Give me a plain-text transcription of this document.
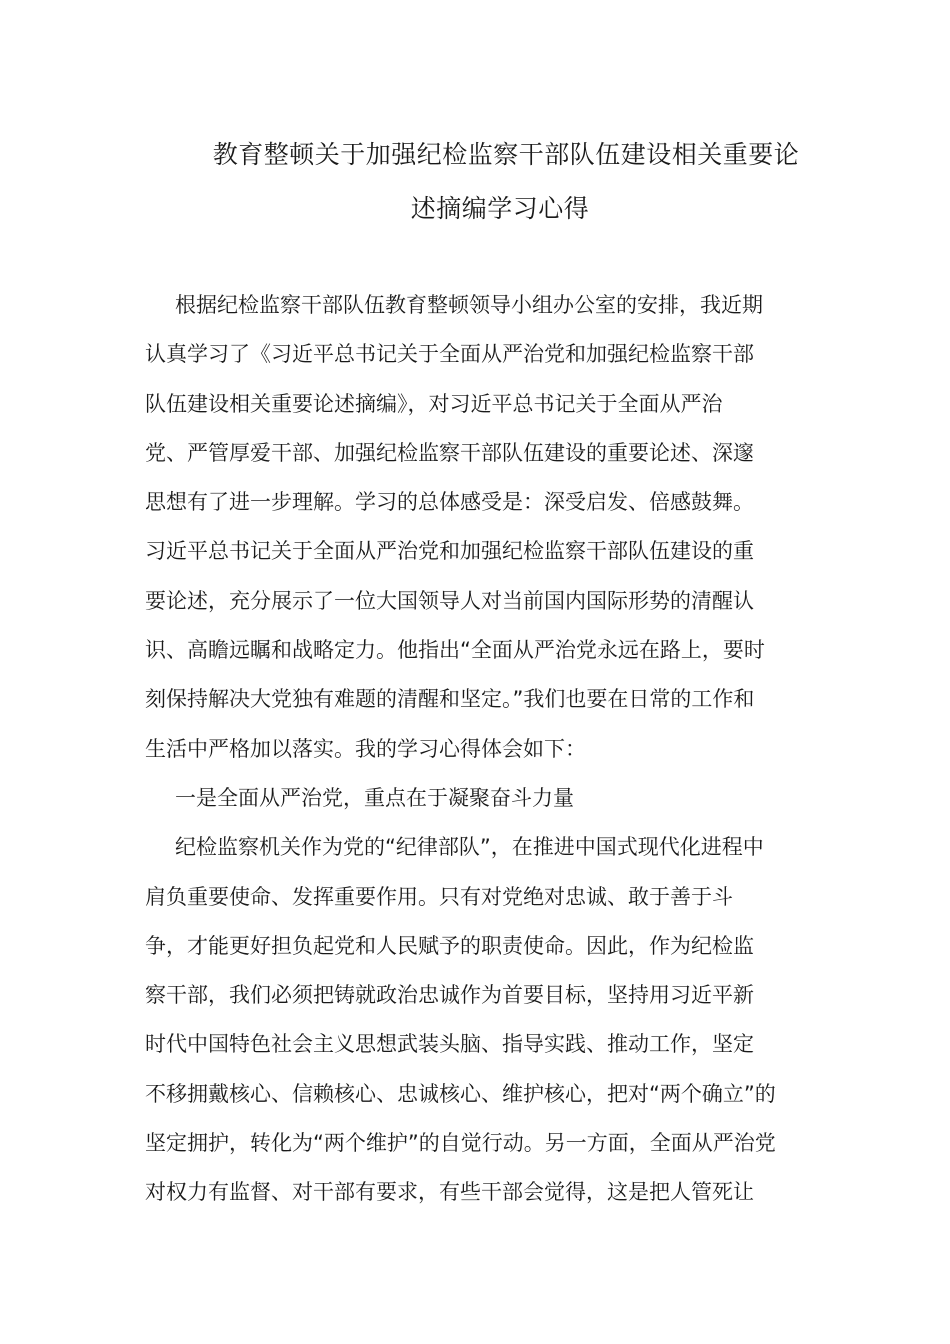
教育整顿关于加强纪检监察干部队伍建设相关重要论
述摘编学习心得
根据纪检监察干部队伍教育整顿领导小组办公室的安排，我近期
认真学习了《习近平总书记关于全面从严治党和加强纪检监察干部
队伍建设相关重要论述摘编》，对习近平总书记关于全面从严治
党、严管厚爱干部、加强纪检监察干部队伍建设的重要论述、深邃
思想有了进一步理解。学习的总体感受是：深受启发、倍感鼓舞。
习近平总书记关于全面从严治党和加强纪检监察干部队伍建设的重
要论述，充分展示了一位大国领导人对当前国内国际形势的清醒认
识、高瞻远瞩和战略定力。他指出“全面从严治党永远在路上，要时
刻保持解决大党独有难题的清醒和坚定。”我们也要在日常的工作和
生活中严格加以落实。我的学习心得体会如下：
一是全面从严治党，重点在于凝聚奋斗力量
纪检监察机关作为党的“纪律部队”，在推进中国式现代化进程中
肩负重要使命、发挥重要作用。只有对党绝对忠诚、敢于善于斗
争，才能更好担负起党和人民赋予的职责使命。因此，作为纪检监
察干部，我们必须把铸就政治忠诚作为首要目标，坚持用习近平新
时代中国特色社会主义思想武装头脑、指导实践、推动工作，坚定
不移拥戴核心、信赖核心、忠诚核心、维护核心，把对“两个确立”的
坚定拥护，转化为“两个维护”的自觉行动。另一方面，全面从严治党
对权力有监督、对干部有要求，有些干部会觉得，这是把人管死让
